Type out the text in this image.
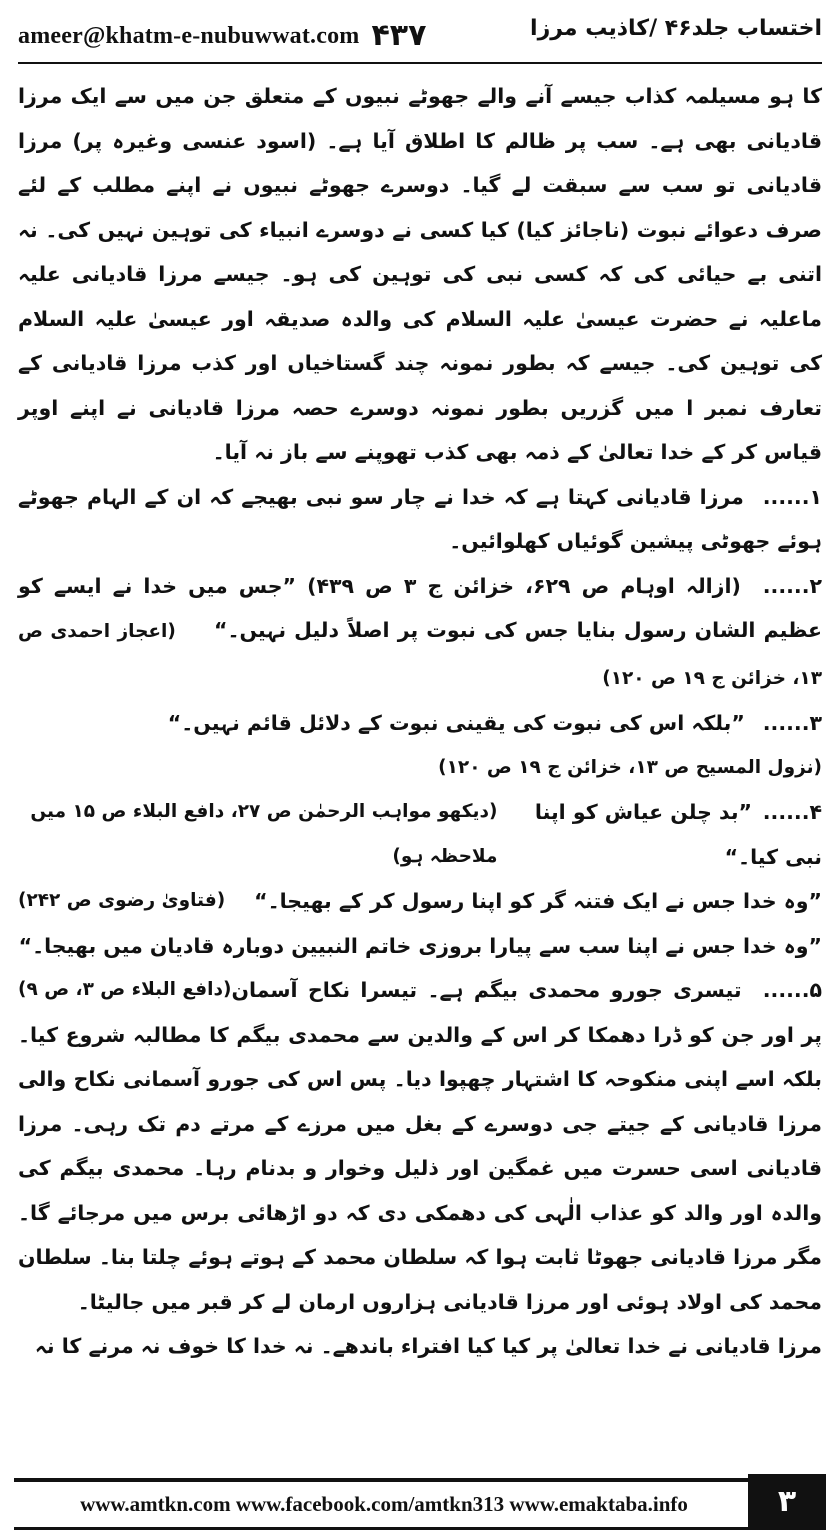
ameer@khatm-e-nubuwwat.com ۴۳۷	اختساب جلد۴۶ /کاذیب مرزا

کا ہو مسیلمہ کذاب جیسے آنے والے جھوٹے نبیوں کے متعلق جن میں سے ایک مرزا قادیانی بھی ہے۔ سب پر ظالم کا اطلاق آیا ہے۔ (اسود عنسی وغیرہ پر) مرزا قادیانی تو سب سے سبقت لے گیا۔ دوسرے جھوٹے نبیوں نے اپنے مطلب کے لئے صرف دعوائے نبوت (ناجائز کیا) کیا کسی نے دوسرے انبیاء کی توہین نہیں کی۔ نہ اتنی بے حیائی کی کہ کسی نبی کی توہین کی ہو۔ جیسے مرزا قادیانی علیہ ماعلیہ نے حضرت عیسیٰ علیہ السلام کی والدہ صدیقہ اور عیسیٰ علیہ السلام کی توہین کی۔ جیسے کہ بطور نمونہ چند گستاخیاں اور کذب مرزا قادیانی کے تعارف نمبر ا میں گزریں بطور نمونہ دوسرے حصہ مرزا قادیانی نے اپنے اوپر قیاس کر کے خدا تعالیٰ کے ذمہ بھی کذب تھوپنے سے باز نہ آیا۔

۱...... مرزا قادیانی کہتا ہے کہ خدا نے چار سو نبی بھیجے کہ ان کے الہام جھوٹے ہوئے جھوٹی پیشین گوئیاں کھلوائیں۔

۲...... (ازالہ اوہام ص ۶۲۹، خزائن ج ۳ ص ۴۳۹) ”جس میں خدا نے ایسے کو عظیم الشان رسول بنایا جس کی نبوت پر اصلاً دلیل نہیں۔“ (اعجاز احمدی ص ۱۳، خزائن ج ۱۹ ص ۱۲۰)

۳...... ”بلکہ اس کی نبوت کی یقینی نبوت کے دلائل قائم نہیں۔“

(نزول المسیح ص ۱۳، خزائن ج ۱۹ ص ۱۲۰)

۴......”بد چلن عیاش کو اپنا نبی کیا۔“
(دیکھو مواہب الرحمٰن ص ۲۷، دافع البلاء ص ۱۵ میں ملاحظہ ہو)

”وہ خدا جس نے ایک فتنہ گر کو اپنا رسول کر کے بھیجا۔“
(فتاویٰ رضوی ص ۲۴۲)

”وہ خدا جس نے اپنا سب سے پیارا بروزی خاتم النبیین دوبارہ قادیان میں بھیجا۔“
(دافع البلاء ص ۳، ص ۹)	۵...... تیسری جورو محمدی بیگم ہے۔ تیسرا نکاح آسمان پر اور جن کو ڈرا دھمکا کر اس کے والدین سے محمدی بیگم کا مطالبہ شروع کیا۔ بلکہ اسے اپنی منکوحہ کا اشتہار چھپوا دیا۔ پس اس کی جورو آسمانی نکاح والی مرزا قادیانی کے جیتے جی دوسرے کے بغل میں مرزے کے مرتے دم تک رہی۔ مرزا قادیانی اسی حسرت میں غمگین اور ذلیل وخوار و بدنام رہا۔ محمدی بیگم کی والدہ اور والد کو عذاب الٰہی کی دھمکی دی کہ دو اڑھائی برس میں مرجائے گا۔ مگر مرزا قادیانی جھوٹا ثابت ہوا کہ سلطان محمد کے ہوتے ہوئے چلتا بنا۔ سلطان محمد کی اولاد ہوئی اور مرزا قادیانی ہزاروں ارمان لے کر قبر میں جالیٹا۔

مرزا قادیانی نے خدا تعالیٰ پر کیا کیا افتراء باندھے۔ نہ خدا کا خوف نہ مرنے کا نہ

www.amtkn.com www.facebook.com/amtkn313 www.emaktaba.info	۳
